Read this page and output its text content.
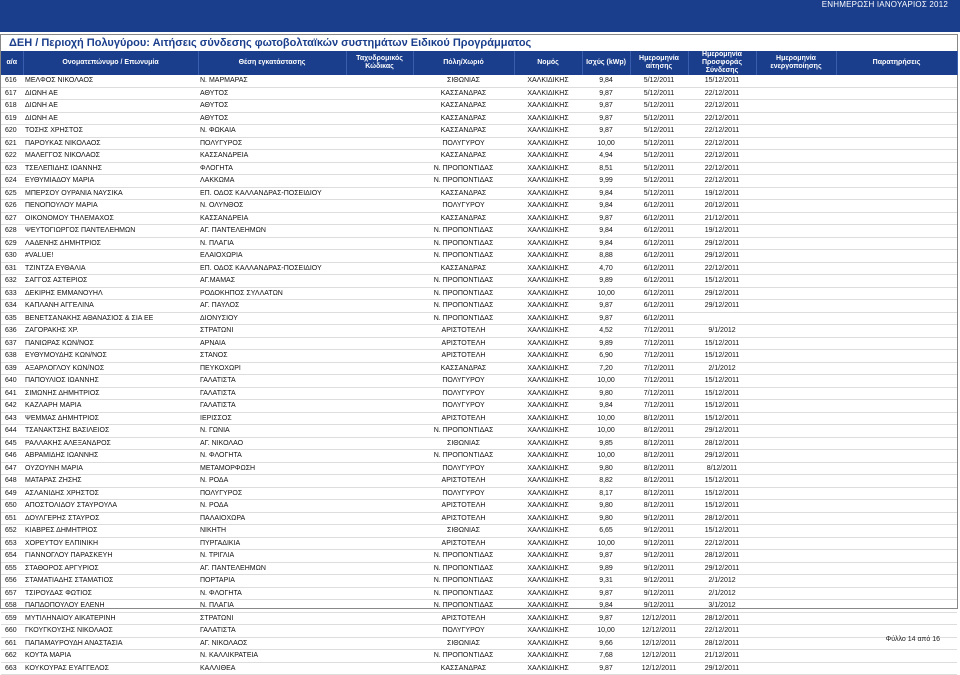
ΕΝΗΜΕΡΩΣΗ ΙΑΝΟΥΑΡΙΟΣ 2012
ΔΕΗ / Περιοχή Πολυγύρου: Αιτήσεις σύνδεσης φωτοβολταϊκών συστημάτων Ειδικού Προγράμματος
α/α	Ονοματεπώνυμο / Επωνυμία	Θέση εγκατάστασης	Ταχυδρομικός Κώδικας	Πόλη/Χωριό	Νομός	Ισχύς (kWp)	Ημερομηνία αίτησης	Ημερομηνία Προσφοράς Σύνδεσης	Ημερομηνία ενεργοποίησης	Παρατηρήσεις
616	ΜΕΛΦΟΣ ΝΙΚΟΛΑΟΣ	Ν. ΜΑΡΜΑΡΑΣ		ΣΙΘΩΝΙΑΣ	ΧΑΛΚΙΔΙΚΗΣ	9,84	5/12/2011	15/12/2011		
617	ΔΙΩΝΗ ΑΕ	ΑΘΥΤΟΣ		ΚΑΣΣΑΝΔΡΑΣ	ΧΑΛΚΙΔΙΚΗΣ	9,87	5/12/2011	22/12/2011		
618	ΔΙΩΝΗ ΑΕ	ΑΘΥΤΟΣ		ΚΑΣΣΑΝΔΡΑΣ	ΧΑΛΚΙΔΙΚΗΣ	9,87	5/12/2011	22/12/2011		
619	ΔΙΩΝΗ ΑΕ	ΑΘΥΤΟΣ		ΚΑΣΣΑΝΔΡΑΣ	ΧΑΛΚΙΔΙΚΗΣ	9,87	5/12/2011	22/12/2011		
620	ΤΟΣΗΣ ΧΡΗΣΤΟΣ	Ν. ΦΩΚΑΙΑ		ΚΑΣΣΑΝΔΡΑΣ	ΧΑΛΚΙΔΙΚΗΣ	9,87	5/12/2011	22/12/2011		
621	ΠΑΡΟΥΚΑΣ ΝΙΚΟΛΑΟΣ	ΠΟΛΥΓΥΡΟΣ		ΠΟΛΥΓΥΡΟΥ	ΧΑΛΚΙΔΙΚΗΣ	10,00	5/12/2011	22/12/2011		
622	ΜΑΛΕΓΓΟΣ ΝΙΚΟΛΑΟΣ	ΚΑΣΣΑΝΔΡΕΙΑ		ΚΑΣΣΑΝΔΡΑΣ	ΧΑΛΚΙΔΙΚΗΣ	4,94	5/12/2011	22/12/2011		
623	ΤΣΕΛΕΠΙΔΗΣ ΙΩΑΝΝΗΣ	ΦΛΟΓΗΤΑ		Ν. ΠΡΟΠΟΝΤΙΔΑΣ	ΧΑΛΚΙΔΙΚΗΣ	8,51	5/12/2011	22/12/2011		
624	ΕΥΘΥΜΙΑΔΟΥ ΜΑΡΙΑ	ΛΑΚΚΩΜΑ		Ν. ΠΡΟΠΟΝΤΙΔΑΣ	ΧΑΛΚΙΔΙΚΗΣ	9,99	5/12/2011	22/12/2011		
625	ΜΠΕΡΣΟΥ ΟΥΡΑΝΙΑ ΝΑΥΣΙΚΑ	ΕΠ. ΟΔΟΣ ΚΑΛΛΑΝΔΡΑΣ-ΠΟΣΕΙΔΙΟΥ		ΚΑΣΣΑΝΔΡΑΣ	ΧΑΛΚΙΔΙΚΗΣ	9,84	5/12/2011	19/12/2011		
626	ΠΕΝΟΠΟΥΛΟΥ ΜΑΡΙΑ	Ν. ΟΛΥΝΘΟΣ		ΠΟΛΥΓΥΡΟΥ	ΧΑΛΚΙΔΙΚΗΣ	9,84	6/12/2011	20/12/2011		
627	ΟΙΚΟΝΟΜΟΥ ΤΗΛΕΜΑΧΟΣ	ΚΑΣΣΑΝΔΡΕΙΑ		ΚΑΣΣΑΝΔΡΑΣ	ΧΑΛΚΙΔΙΚΗΣ	9,87	6/12/2011	21/12/2011		
628	ΨΕΥΤΟΓΙΩΡΓΟΣ ΠΑΝΤΕΛΕΗΜΩΝ	ΑΓ. ΠΑΝΤΕΛΕΗΜΩΝ		Ν. ΠΡΟΠΟΝΤΙΔΑΣ	ΧΑΛΚΙΔΙΚΗΣ	9,84	6/12/2011	19/12/2011		
629	ΛΑΔΕΝΗΣ ΔΗΜΗΤΡΙΟΣ	Ν. ΠΛΑΓΙΑ		Ν. ΠΡΟΠΟΝΤΙΔΑΣ	ΧΑΛΚΙΔΙΚΗΣ	9,84	6/12/2011	29/12/2011		
630	#VALUE!	ΕΛΑΙΟΧΩΡΙΑ		Ν. ΠΡΟΠΟΝΤΙΔΑΣ	ΧΑΛΚΙΔΙΚΗΣ	8,88	6/12/2011	29/12/2011		
631	ΤΖΙΝΤΖΑ ΕΥΘΑΛΙΑ	ΕΠ. ΟΔΟΣ ΚΑΛΛΑΝΔΡΑΣ-ΠΟΣΕΙΔΙΟΥ		ΚΑΣΣΑΝΔΡΑΣ	ΧΑΛΚΙΔΙΚΗΣ	4,70	6/12/2011	22/12/2011		
632	ΣΑΓΓΟΣ ΑΣΤΕΡΙΟΣ	ΑΓ.ΜΑΜΑΣ		Ν. ΠΡΟΠΟΝΤΙΔΑΣ	ΧΑΛΚΙΔΙΚΗΣ	9,89	6/12/2011	15/12/2011		
633	ΔΕΚΙΡΗΣ ΕΜΜΑΝΟΥΗΛ	ΡΟΔΟΚΗΠΟΣ ΣΥΛΛΑΤΩΝ		Ν. ΠΡΟΠΟΝΤΙΔΑΣ	ΧΑΛΚΙΔΙΚΗΣ	10,00	6/12/2011	29/12/2011		
634	ΚΑΠΛΑΝΗ ΑΓΓΕΛΙΝΑ	ΑΓ. ΠΑΥΛΟΣ		Ν. ΠΡΟΠΟΝΤΙΔΑΣ	ΧΑΛΚΙΔΙΚΗΣ	9,87	6/12/2011	29/12/2011		
635	ΒΕΝΕΤΣΑΝΑΚΗΣ ΑΘΑΝΑΣΙΟΣ & ΣΙΑ ΕΕ	ΔΙΟΝΥΣΙΟΥ		Ν. ΠΡΟΠΟΝΤΙΔΑΣ	ΧΑΛΚΙΔΙΚΗΣ	9,87	6/12/2011			
636	ΖΑΓΟΡΑΚΗΣ ΧΡ.	ΣΤΡΑΤΩΝΙ		ΑΡΙΣΤΟΤΕΛΗ	ΧΑΛΚΙΔΙΚΗΣ	4,52	7/12/2011	9/1/2012		
637	ΠΑΝΙΩΡΑΣ ΚΩΝ/ΝΟΣ	ΑΡΝΑΙΑ		ΑΡΙΣΤΟΤΕΛΗ	ΧΑΛΚΙΔΙΚΗΣ	9,89	7/12/2011	15/12/2011		
638	ΕΥΘΥΜΟΥΔΗΣ ΚΩΝ/ΝΟΣ	ΣΤΑΝΟΣ		ΑΡΙΣΤΟΤΕΛΗ	ΧΑΛΚΙΔΙΚΗΣ	6,90	7/12/2011	15/12/2011		
639	ΑΞΑΡΛΟΓΛΟΥ ΚΩΝ/ΝΟΣ	ΠΕΥΚΟΧΩΡΙ		ΚΑΣΣΑΝΔΡΑΣ	ΧΑΛΚΙΔΙΚΗΣ	7,20	7/12/2011	2/1/2012		
640	ΠΑΠΟΥΛΙΟΣ ΙΩΑΝΝΗΣ	ΓΑΛΑΤΙΣΤΑ		ΠΟΛΥΓΥΡΟΥ	ΧΑΛΚΙΔΙΚΗΣ	10,00	7/12/2011	15/12/2011		
641	ΣΙΜΩΝΗΣ ΔΗΜΗΤΡΙΟΣ	ΓΑΛΑΤΙΣΤΑ		ΠΟΛΥΓΥΡΟΥ	ΧΑΛΚΙΔΙΚΗΣ	9,80	7/12/2011	15/12/2011		
642	ΚΑΖΛΑΡΗ ΜΑΡΙΑ	ΓΑΛΑΤΙΣΤΑ		ΠΟΛΥΓΥΡΟΥ	ΧΑΛΚΙΔΙΚΗΣ	9,84	7/12/2011	15/12/2011		
643	ΨΕΜΜΑΣ ΔΗΜΗΤΡΙΟΣ	ΙΕΡΙΣΣΟΣ		ΑΡΙΣΤΟΤΕΛΗ	ΧΑΛΚΙΔΙΚΗΣ	10,00	8/12/2011	15/12/2011		
644	ΤΣΑΝΑΚΤΣΗΣ ΒΑΣΙΛΕΙΟΣ	Ν. ΓΩΝΙΑ		Ν. ΠΡΟΠΟΝΤΙΔΑΣ	ΧΑΛΚΙΔΙΚΗΣ	10,00	8/12/2011	29/12/2011		
645	ΡΑΛΛΑΚΗΣ ΑΛΕΞΑΝΔΡΟΣ	ΑΓ. ΝΙΚΟΛΑΟ		ΣΙΘΩΝΙΑΣ	ΧΑΛΚΙΔΙΚΗΣ	9,85	8/12/2011	28/12/2011		
646	ΑΒΡΑΜΙΔΗΣ ΙΩΑΝΝΗΣ	Ν. ΦΛΟΓΗΤΑ		Ν. ΠΡΟΠΟΝΤΙΔΑΣ	ΧΑΛΚΙΔΙΚΗΣ	10,00	8/12/2011	29/12/2011		
647	ΟΥΖΟΥΝΗ ΜΑΡΙΑ	ΜΕΤΑΜΟΡΦΩΣΗ		ΠΟΛΥΓΥΡΟΥ	ΧΑΛΚΙΔΙΚΗΣ	9,80	8/12/2011	8/12/2011		
648	ΜΑΤΑΡΑΣ ΖΗΣΗΣ	Ν. ΡΟΔΑ		ΑΡΙΣΤΟΤΕΛΗ	ΧΑΛΚΙΔΙΚΗΣ	8,82	8/12/2011	15/12/2011		
649	ΑΣΛΑΝΙΔΗΣ ΧΡΗΣΤΟΣ	ΠΟΛΥΓΥΡΟΣ		ΠΟΛΥΓΥΡΟΥ	ΧΑΛΚΙΔΙΚΗΣ	8,17	8/12/2011	15/12/2011		
650	ΑΠΟΣΤΟΛΙΔΟΥ ΣΤΑΥΡΟΥΛΑ	Ν. ΡΟΔΑ		ΑΡΙΣΤΟΤΕΛΗ	ΧΑΛΚΙΔΙΚΗΣ	9,80	8/12/2011	15/12/2011		
651	ΔΟΥΛΓΕΡΗΣ ΣΤΑΥΡΟΣ	ΠΑΛΑΙΟΧΩΡΑ		ΑΡΙΣΤΟΤΕΛΗ	ΧΑΛΚΙΔΙΚΗΣ	9,80	9/12/2011	28/12/2011		
652	ΚΙΑΒΡΕΣ ΔΗΜΗΤΡΙΟΣ	ΝΙΚΗΤΗ		ΣΙΘΩΝΙΑΣ	ΧΑΛΚΙΔΙΚΗΣ	6,65	9/12/2011	15/12/2011		
653	ΧΟΡΕΥΤΟΥ ΕΛΠΙΝΙΚΗ	ΠΥΡΓΑΔΙΚΙΑ		ΑΡΙΣΤΟΤΕΛΗ	ΧΑΛΚΙΔΙΚΗΣ	10,00	9/12/2011	22/12/2011		
654	ΓΙΑΝΝΟΓΛΟΥ ΠΑΡΑΣΚΕΥΗ	Ν. ΤΡΙΓΛΙΑ		Ν. ΠΡΟΠΟΝΤΙΔΑΣ	ΧΑΛΚΙΔΙΚΗΣ	9,87	9/12/2011	28/12/2011		
655	ΣΤΑΘΟΡΟΣ ΑΡΓΥΡΙΟΣ	ΑΓ. ΠΑΝΤΕΛΕΗΜΩΝ		Ν. ΠΡΟΠΟΝΤΙΔΑΣ	ΧΑΛΚΙΔΙΚΗΣ	9,89	9/12/2011	29/12/2011		
656	ΣΤΑΜΑΤΙΑΔΗΣ ΣΤΑΜΑΤΙΟΣ	ΠΟΡΤΑΡΙΑ		Ν. ΠΡΟΠΟΝΤΙΔΑΣ	ΧΑΛΚΙΔΙΚΗΣ	9,31	9/12/2011	2/1/2012		
657	ΤΣΙΡΟΥΔΑΣ ΦΩΤΙΟΣ	Ν. ΦΛΟΓΗΤΑ		Ν. ΠΡΟΠΟΝΤΙΔΑΣ	ΧΑΛΚΙΔΙΚΗΣ	9,87	9/12/2011	2/1/2012		
658	ΠΑΠΔΟΠΟΥΛΟΥ ΕΛΕΝΗ	Ν. ΠΛΑΓΙΑ		Ν. ΠΡΟΠΟΝΤΙΔΑΣ	ΧΑΛΚΙΔΙΚΗΣ	9,84	9/12/2011	3/1/2012		
659	ΜΥΤΙΛΗΝΑΙΟΥ ΑΙΚΑΤΕΡΙΝΗ	ΣΤΡΑΤΩΝΙ		ΑΡΙΣΤΟΤΕΛΗ	ΧΑΛΚΙΔΙΚΗΣ	9,87	12/12/2011	28/12/2011		
660	ΓΚΟΥΓΚΟΥΣΗΣ ΝΙΚΟΛΑΟΣ	ΓΑΛΑΤΙΣΤΑ		ΠΟΛΥΓΥΡΟΥ	ΧΑΛΚΙΔΙΚΗΣ	10,00	12/12/2011	22/12/2011		
661	ΠΑΠΑΜΑΥΡΟΥΔΗ ΑΝΑΣΤΑΣΙΑ	ΑΓ. ΝΙΚΟΛΑΟΣ		ΣΙΘΩΝΙΑΣ	ΧΑΛΚΙΔΙΚΗΣ	9,66	12/12/2011	28/12/2011		
662	ΚΟΥΤΑ ΜΑΡΙΑ	Ν. ΚΑΛΛΙΚΡΑΤΕΙΑ		Ν. ΠΡΟΠΟΝΤΙΔΑΣ	ΧΑΛΚΙΔΙΚΗΣ	7,68	12/12/2011	21/12/2011		
663	ΚΟΥΚΟΥΡΑΣ ΕΥΑΓΓΕΛΟΣ	ΚΑΛΛΙΘΕΑ		ΚΑΣΣΑΝΔΡΑΣ	ΧΑΛΚΙΔΙΚΗΣ	9,87	12/12/2011	29/12/2011		
Φύλλο 14 από 16
